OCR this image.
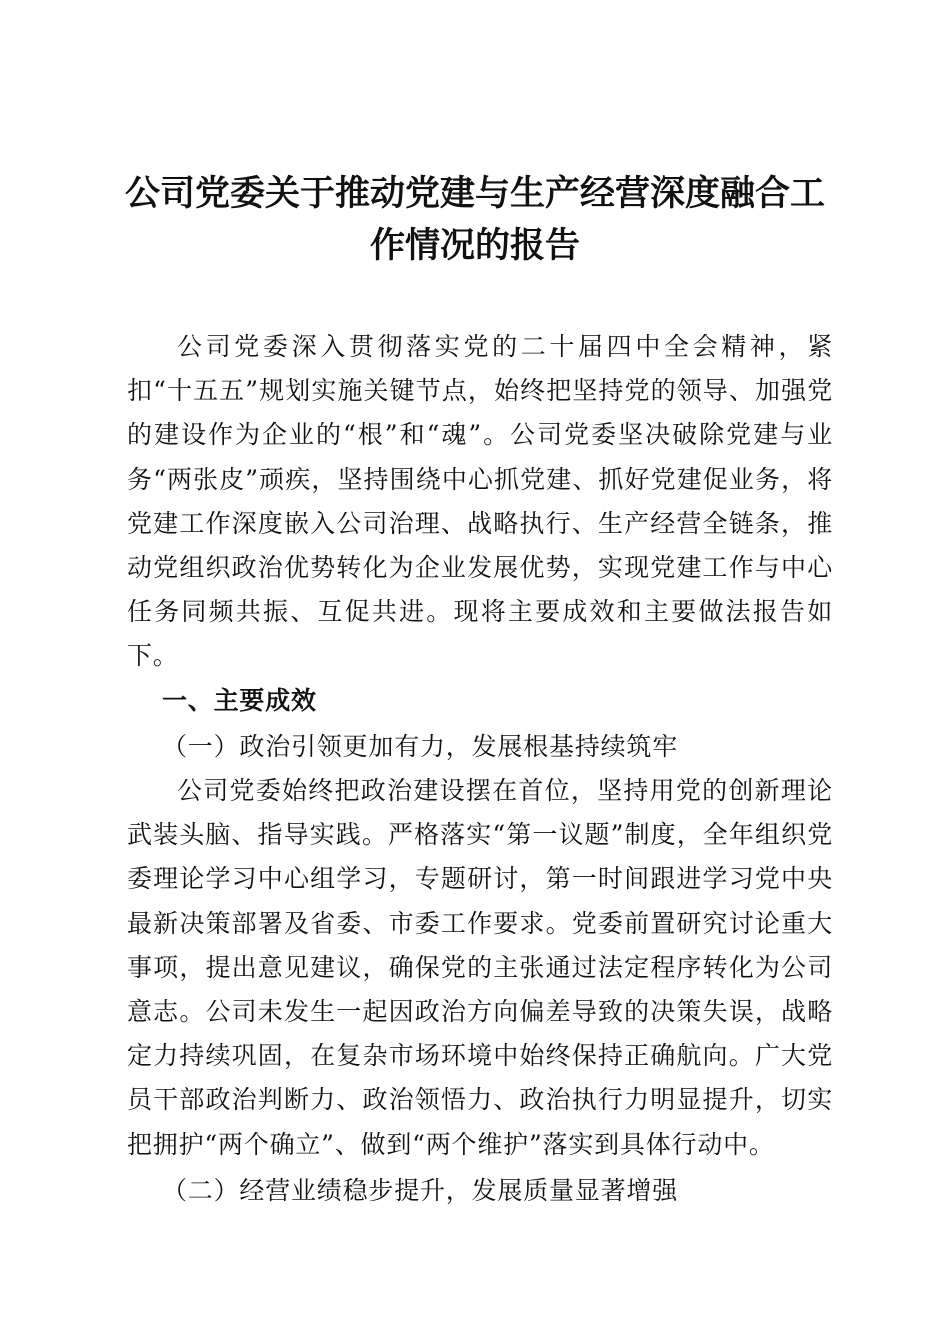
公司党委关于推动党建与生产经营深度融合工作情况的报告

公司党委深入贯彻落实党的二十届四中全会精神，紧扣“十五五”规划实施关键节点，始终把坚持党的领导、加强党的建设作为企业的“根”和“魂”。公司党委坚决破除党建与业务“两张皮”顽疾，坚持围绕中心抓党建、抓好党建促业务，将党建工作深度嵌入公司治理、战略执行、生产经营全链条，推动党组织政治优势转化为企业发展优势，实现党建工作与中心任务同频共振、互促共进。现将主要成效和主要做法报告如下。

一、主要成效

（一）政治引领更加有力，发展根基持续筑牢

公司党委始终把政治建设摆在首位，坚持用党的创新理论武装头脑、指导实践。严格落实“第一议题”制度，全年组织党委理论学习中心组学习，专题研讨，第一时间跟进学习党中央最新决策部署及省委、市委工作要求。党委前置研究讨论重大事项，提出意见建议，确保党的主张通过法定程序转化为公司意志。公司未发生一起因政治方向偏差导致的决策失误，战略定力持续巩固，在复杂市场环境中始终保持正确航向。广大党员干部政治判断力、政治领悟力、政治执行力明显提升，切实把拥护“两个确立”、做到“两个维护”落实到具体行动中。

（二）经营业绩稳步提升，发展质量显著增强
